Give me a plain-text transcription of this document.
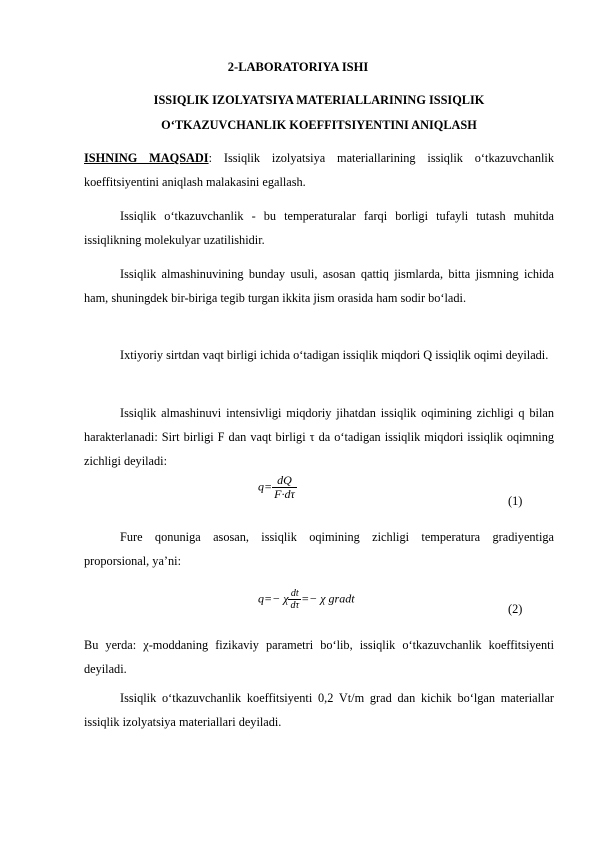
2-LABORATORIYA ISHI
ISSIQLIK IZOLYATSIYA MATERIALLARINING ISSIQLIK
O‘TKAZUVCHANLIK KOEFFITSIYENTINI ANIQLASH
ISHNING MAQSADI: Issiqlik izolyatsiya materiallarining issiqlik o‘tkazuvchanlik koeffitsiyentini aniqlash malakasini egallash.
Issiqlik o‘tkazuvchanlik - bu temperaturalar farqi borligi tufayli tutash muhitda issiqlikning molekulyar uzatilishidir.
Issiqlik almashinuvining bunday usuli, asosan qattiq jismlarda, bitta jismning ichida ham, shuningdek bir-biriga tegib turgan ikkita jism orasida ham sodir bo‘ladi.
Ixtiyoriy sirtdan vaqt birligi ichida o‘tadigan issiqlik miqdori Q issiqlik oqimi deyiladi.
Issiqlik almashinuvi intensivligi miqdoriy jihatdan issiqlik oqimining zichligi q bilan harakterlanadi: Sirt birligi F dan vaqt birligi τ da o‘tadigan issiqlik miqdori issiqlik oqimning zichligi deyiladi:
$q= \frac{dQ}{F\cdot d\tau}$	(1)
Fure qonuniga asosan, issiqlik oqimining zichligi temperatura gradiyentiga proporsional, ya’ni:
q=− χ $\frac{dt}{d\tau} =- \chi$ gradt
(2)
Bu yerda: χ-moddaning fizikaviy parametri bo‘lib, issiqlik o‘tkazuvchanlik koeffitsiyenti deyiladi.
Issiqlik o‘tkazuvchanlik koeffitsiyenti 0,2 Vt/m grad dan kichik bo‘lgan materiallar issiqlik izolyatsiya materiallari deyiladi.
